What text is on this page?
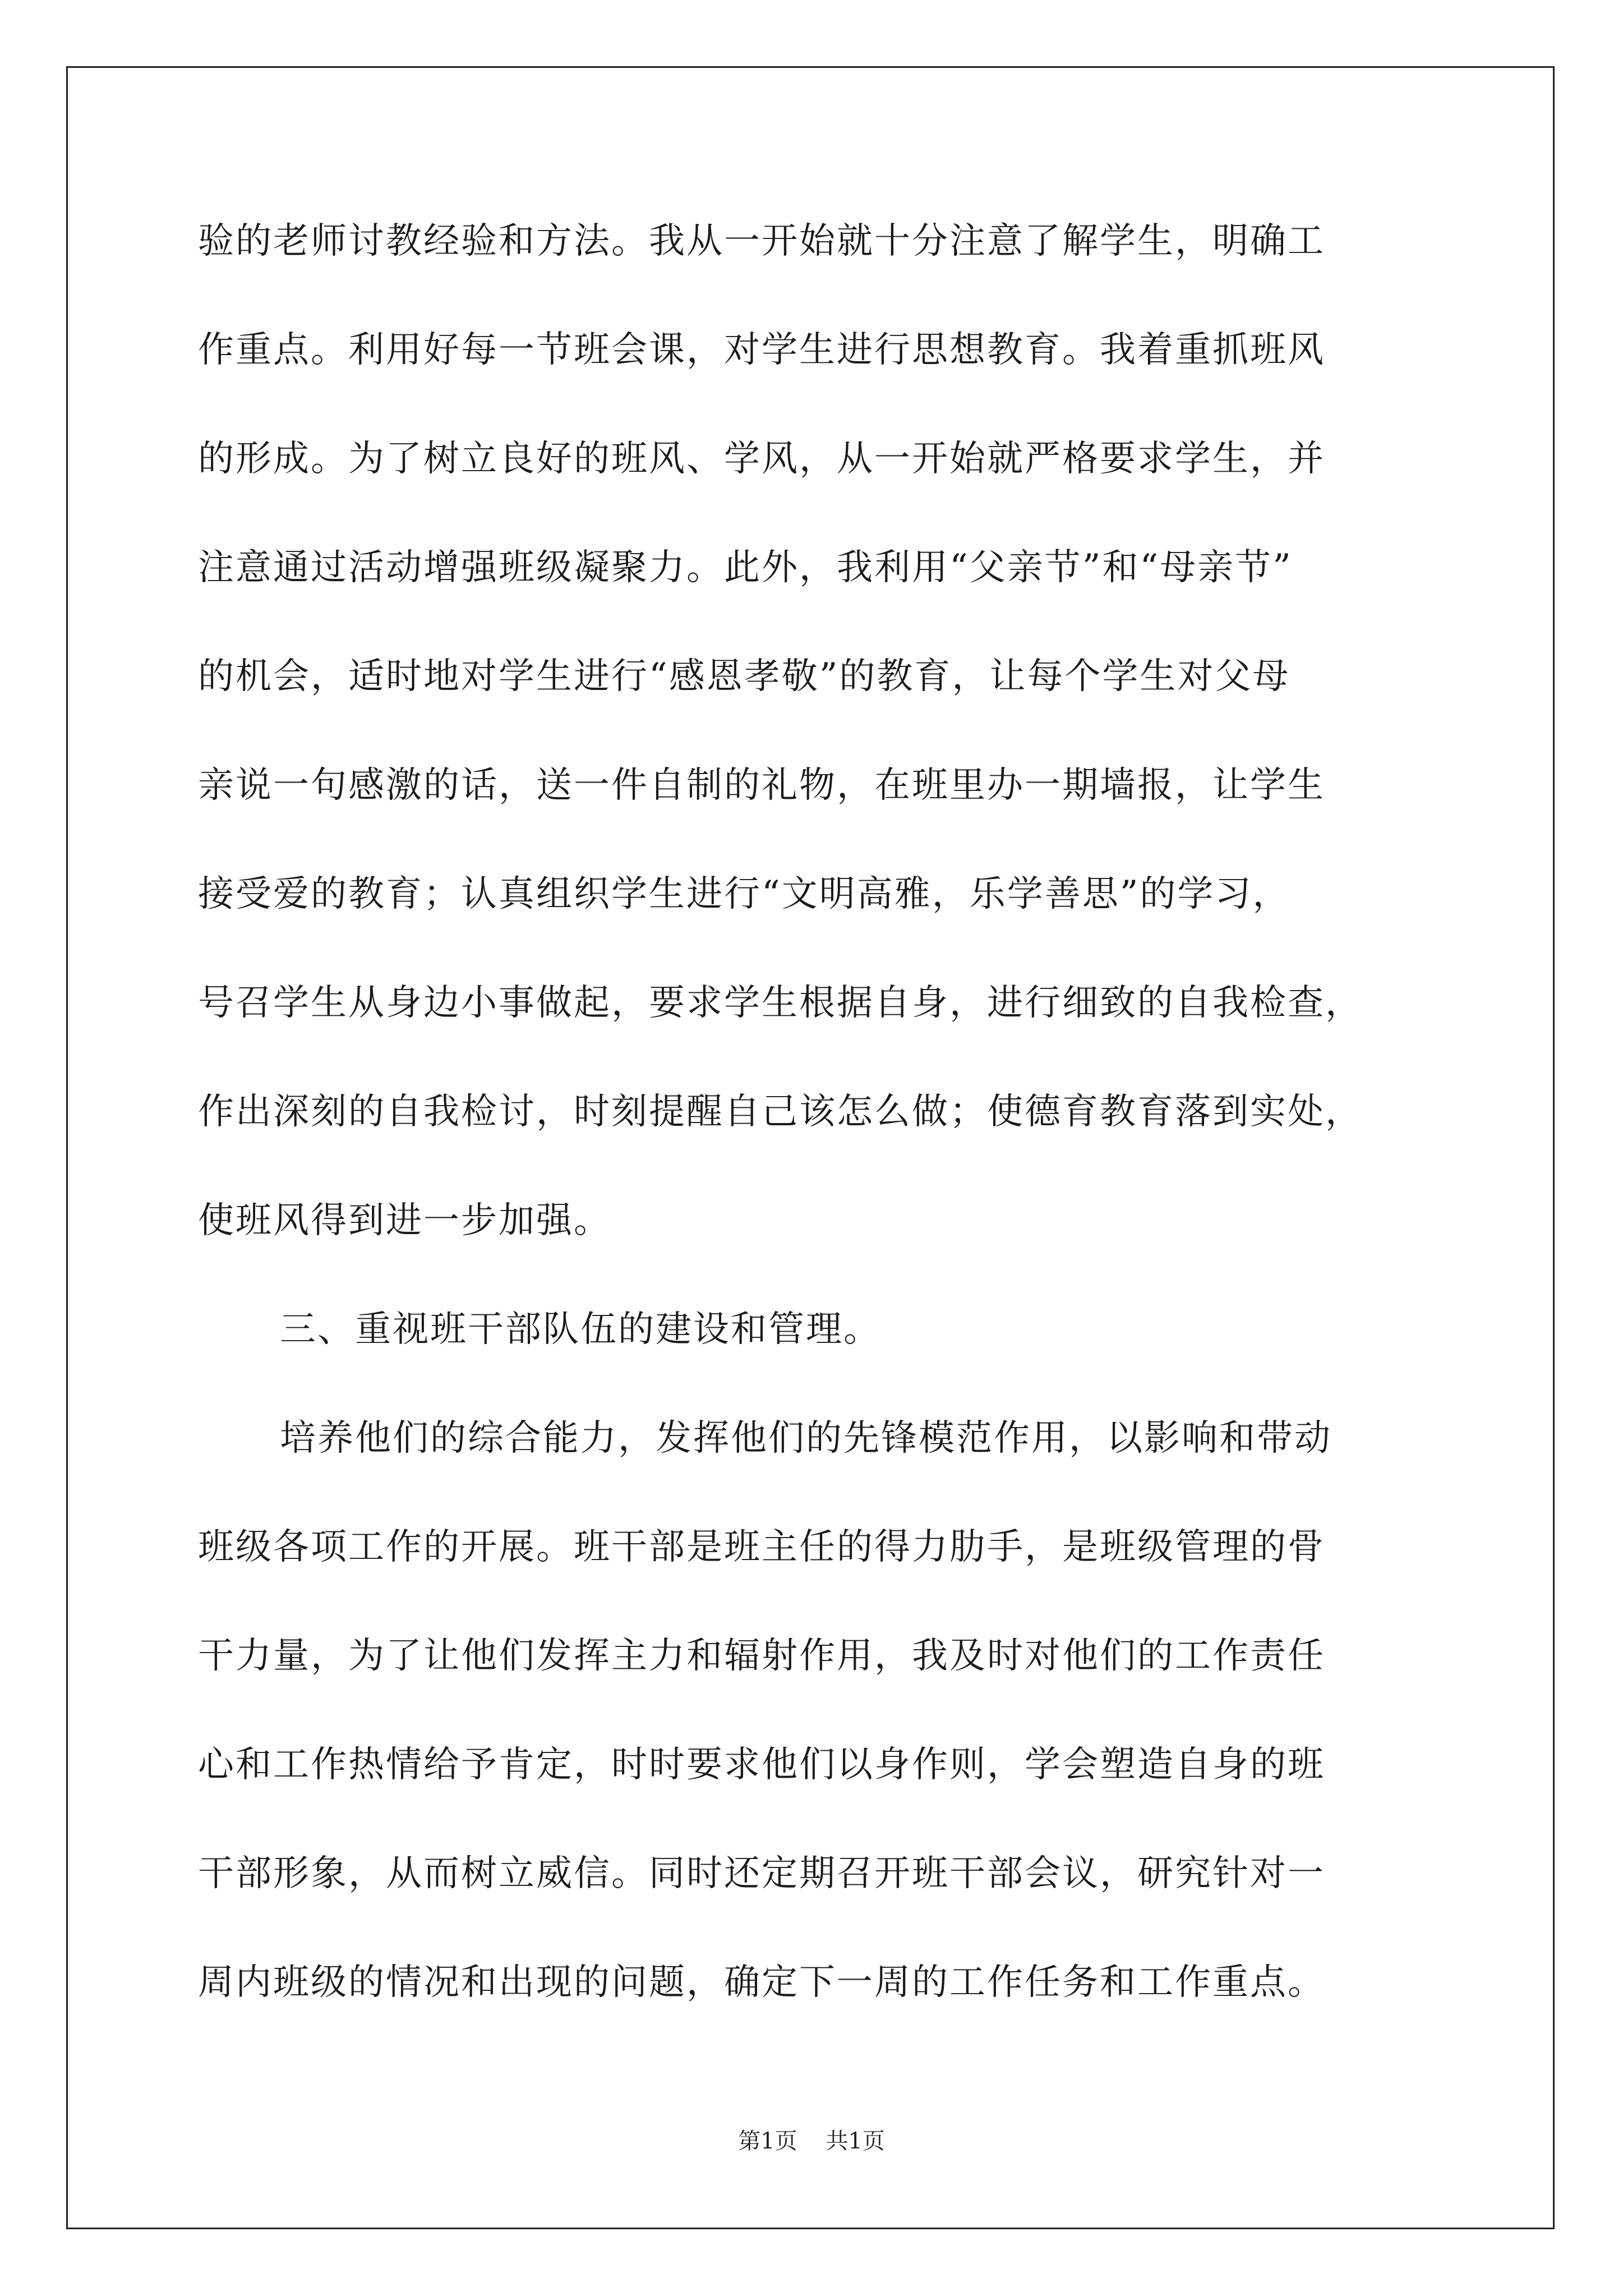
验的老师讨教经验和方法。我从一开始就十分注意了解学生，明确工
作重点。利用好每一节班会课，对学生进行思想教育。我着重抓班风
的形成。为了树立良好的班风、学风，从一开始就严格要求学生，并
注意通过活动增强班级凝聚力。此外，我利用“父亲节”和“母亲节”
的机会，适时地对学生进行“感恩孝敬”的教育，让每个学生对父母
亲说一句感激的话，送一件自制的礼物，在班里办一期墙报，让学生
接受爱的教育；认真组织学生进行“文明高雅，乐学善思”的学习，
号召学生从身边小事做起，要求学生根据自身，进行细致的自我检查，
作出深刻的自我检讨，时刻提醒自己该怎么做；使德育教育落到实处，
使班风得到进一步加强。
三、重视班干部队伍的建设和管理。
培养他们的综合能力，发挥他们的先锋模范作用，以影响和带动
班级各项工作的开展。班干部是班主任的得力肋手，是班级管理的骨
干力量，为了让他们发挥主力和辐射作用，我及时对他们的工作责任
心和工作热情给予肯定，时时要求他们以身作则，学会塑造自身的班
干部形象，从而树立威信。同时还定期召开班干部会议，研究针对一
周内班级的情况和出现的问题，确定下一周的工作任务和工作重点。
第1页 共1页
